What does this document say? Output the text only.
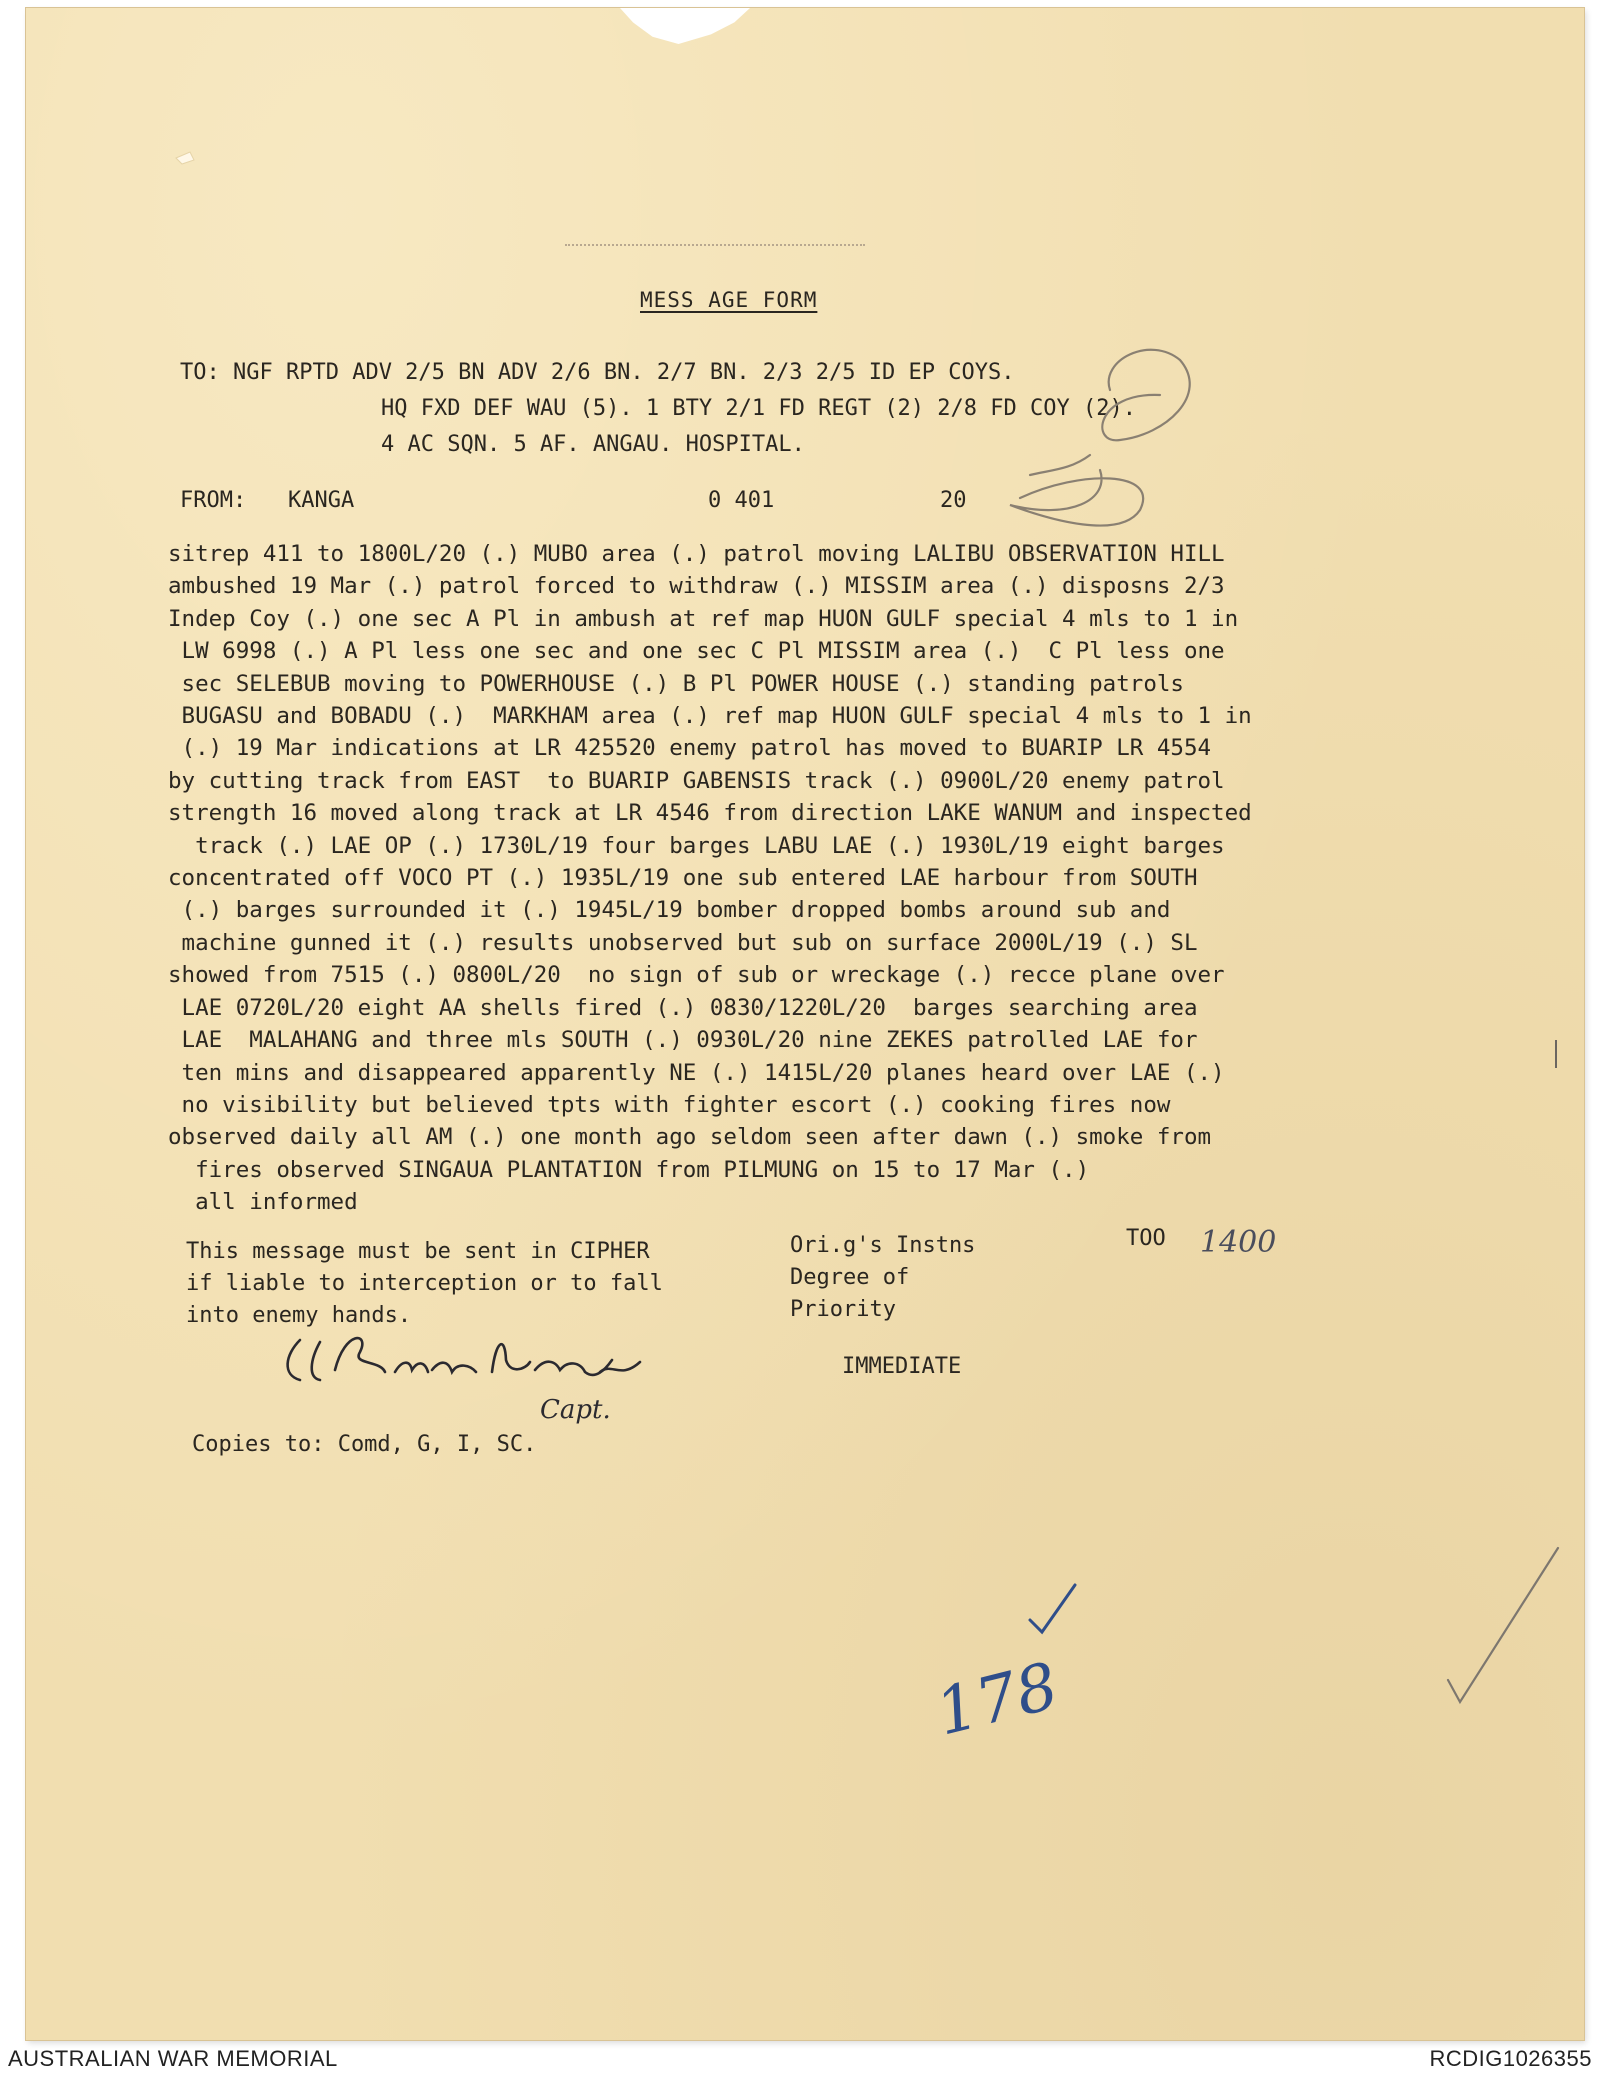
MESS AGE FORM
TO: NGF RPTD ADV 2/5 BN ADV 2/6 BN. 2/7 BN. 2/3 2/5 ID EP COYS.
HQ FXD DEF WAU (5). 1 BTY 2/1 FD REGT (2) 2/8 FD COY (2).
4 AC SQN. 5 AF. ANGAU. HOSPITAL.
FROM: KANGA	0 401	20
sitrep 411 to 1800L/20 (.) MUBO area (.) patrol moving LALIBU OBSERVATION HILL
ambushed 19 Mar (.) patrol forced to withdraw (.) MISSIM area (.) disposns 2/3
Indep Coy (.) one sec A Pl in ambush at ref map HUON GULF special 4 mls to 1 in
LW 6998 (.) A Pl less one sec and one sec C Pl MISSIM area (.)  C Pl less one
sec SELEBUB moving to POWERHOUSE (.) B Pl POWER HOUSE (.) standing patrols
BUGASU and BOBADU (.)  MARKHAM area (.) ref map HUON GULF special 4 mls to 1 in
(.) 19 Mar indications at LR 425520 enemy patrol has moved to BUARIP LR 4554
by cutting track from EAST  to BUARIP GABENSIS track (.) 0900L/20 enemy patrol
strength 16 moved along track at LR 4546 from direction LAKE WANUM and inspected
track (.) LAE OP (.) 1730L/19 four barges LABU LAE (.) 1930L/19 eight barges
concentrated off VOCO PT (.) 1935L/19 one sub entered LAE harbour from SOUTH
(.) barges surrounded it (.) 1945L/19 bomber dropped bombs around sub and
machine gunned it (.) results unobserved but sub on surface 2000L/19 (.) SL
showed from 7515 (.) 0800L/20  no sign of sub or wreckage (.) recce plane over
LAE 0720L/20 eight AA shells fired (.) 0830/1220L/20  barges searching area
LAE  MALAHANG and three mls SOUTH (.) 0930L/20 nine ZEKES patrolled LAE for
ten mins and disappeared apparently NE (.) 1415L/20 planes heard over LAE (.)
no visibility but believed tpts with fighter escort (.) cooking fires now
observed daily all AM (.) one month ago seldom seen after dawn (.) smoke from
fires observed SINGAUA PLANTATION from PILMUNG on 15 to 17 Mar (.)
all informed
This message must be sent in CIPHER
if liable to interception or to fall
into enemy hands.
Ori.g's Instns
Degree of
Priority
TOO
IMMEDIATE
Copies to: Comd, G, I, SC.
1400
Capt.
178
AUSTRALIAN WAR MEMORIAL	RCDIG1026355
